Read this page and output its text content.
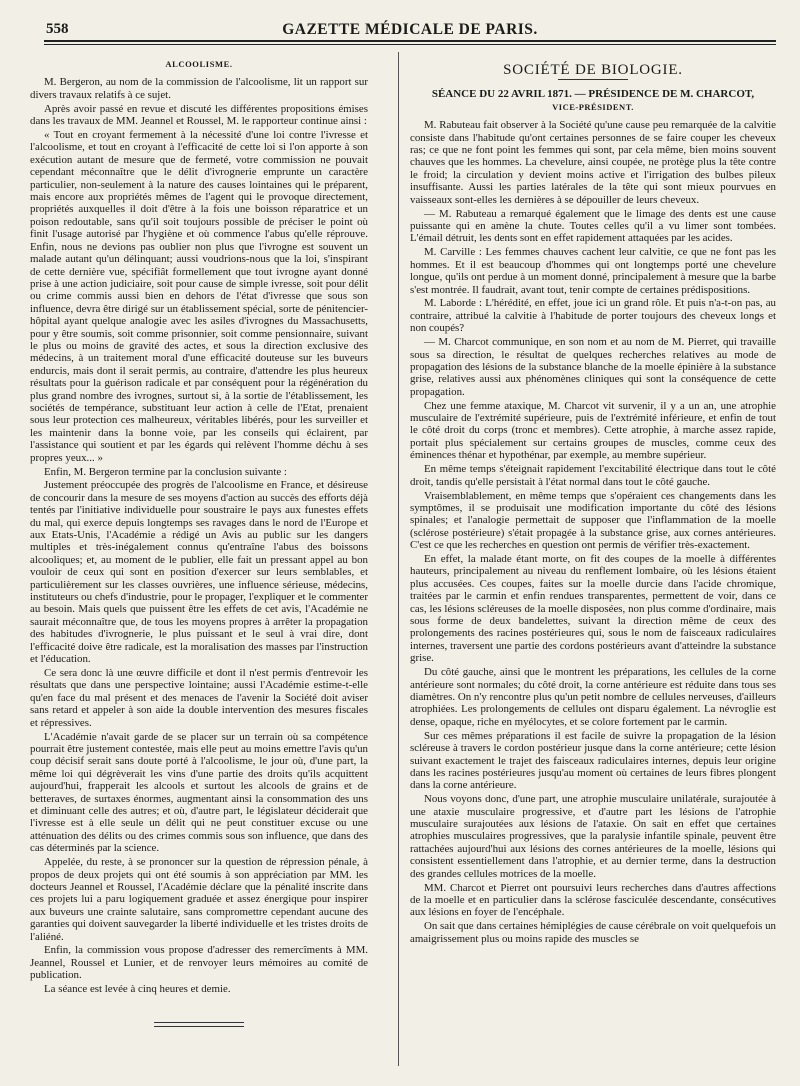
558	GAZETTE MÉDICALE DE PARIS.
ALCOOLISME.

M. Bergeron, au nom de la commission de l'alcoolisme, lit un rapport sur divers travaux relatifs à ce sujet.

Après avoir passé en revue et discuté les différentes propositions émises dans les travaux de MM. Jeannel et Roussel, M. le rapporteur continue ainsi :

« Tout en croyant fermement à la nécessité d'une loi contre l'ivresse et l'alcoolisme, et tout en croyant à l'efficacité de cette loi si l'on apporte à son exécution autant de mesure que de fermeté, votre commission ne pouvait cependant méconnaître que le délit d'ivrognerie emprunte un caractère particulier, non-seulement à la nature des causes lointaines qui le préparent, mais encore aux propriétés mêmes de l'agent qui le provoque directement, propriétés auxquelles il doit d'être à la fois une boisson réparatrice et un poison redoutable, sans qu'il soit toujours possible de préciser le point où finit l'usage autorisé par l'hygiène et où commence l'abus qu'elle réprouve. Enfin, nous ne devions pas oublier non plus que l'ivrogne est souvent un malade autant qu'un délinquant; aussi voudrions-nous que la loi, s'inspirant de cette dernière vue, spécifiât formellement que tout ivrogne ayant donné prise à une action judiciaire, soit pour cause de simple ivresse, soit pour délit ou crime commis aussi bien en dehors de l'état d'ivresse que sous son influence, devra être dirigé sur un établissement spécial, sorte de pénitencier-hôpital ayant quelque analogie avec les asiles d'ivrognes du Massachusetts, pour y être soumis, soit comme prisonnier, soit comme pensionnaire, suivant le plus ou moins de gravité des actes, et sous la direction exclusive des médecins, à un traitement moral d'une efficacité douteuse sur les buveurs endurcis, mais dont il serait permis, au contraire, d'attendre les plus heureux résultats pour la guérison radicale et par conséquent pour la régénération du plus grand nombre des ivrognes, surtout si, à la sortie de l'établissement, les sociétés de tempérance, substituant leur action à celle de l'Etat, prenaient sous leur protection ces malheureux, véritables libérés, pour les surveiller et les maintenir dans la bonne voie, par les conseils qui éclairent, par l'assistance qui soutient et par les égards qui relèvent l'homme déchu à ses propres yeux... »

Enfin, M. Bergeron termine par la conclusion suivante :

Justement préoccupée des progrès de l'alcoolisme en France, et désireuse de concourir dans la mesure de ses moyens d'action au succès des efforts déjà tentés par l'initiative individuelle pour soustraire le pays aux funestes effets du mal, qui exerce depuis longtemps ses ravages dans le nord de l'Europe et aux Etats-Unis, l'Académie a rédigé un Avis au public sur les dangers multiples et très-inégalement connus qu'entraîne l'abus des boissons alcooliques; et, au moment de le publier, elle fait un pressant appel au bon vouloir de ceux qui sont en position d'exercer sur leurs semblables, et particulièrement sur les classes ouvrières, une influence sérieuse, médecins, instituteurs ou chefs d'industrie, pour le propager, l'expliquer et le commenter au besoin. Mais quels que puissent être les effets de cet avis, l'Académie ne saurait méconnaître que, de tous les moyens propres à arrêter la propagation des habitudes d'ivrognerie, le plus puissant et le seul à vrai dire, dont l'efficacité doive être radicale, est la moralisation des masses par l'instruction et l'éducation.

Ce sera donc là une œuvre difficile et dont il n'est permis d'entrevoir les résultats que dans une perspective lointaine; aussi l'Académie estime-t-elle qu'en face du mal présent et des menaces de l'avenir la Société doit aviser sans retard et appeler à son aide la double intervention des mesures fiscales et répressives.

L'Académie n'avait garde de se placer sur un terrain où sa compétence pourrait être justement contestée, mais elle peut au moins emettre l'avis qu'un coup décisif serait sans doute porté à l'alcoolisme, le jour où, d'une part, la même loi qui dégrèverait les vins d'une partie des droits qu'ils acquittent aujourd'hui, frapperait les alcools et surtout les alcools de grains et de betteraves, de surtaxes énormes, augmentant ainsi la consommation des uns et diminuant celle des autres; et où, d'autre part, le législateur déciderait que l'ivresse est à elle seule un délit qui ne peut constituer excuse ou une atténuation des délits ou des crimes commis sous son influence, que dans des cas déterminés par la science.

Appelée, du reste, à se prononcer sur la question de répression pénale, à propos de deux projets qui ont été soumis à son appréciation par MM. les docteurs Jeannel et Roussel, l'Académie déclare que la pénalité inscrite dans ces projets lui a paru logiquement graduée et assez énergique pour inspirer aux buveurs une crainte salutaire, sans compromettre cependant aucune des garanties qui doivent sauvegarder la liberté individuelle et les tristes droits de l'aliéné.

Enfin, la commission vous propose d'adresser des remercîments à MM. Jeannel, Roussel et Lunier, et de renvoyer leurs mémoires au comité de publication.

La séance est levée à cinq heures et demie.

SOCIÉTÉ DE BIOLOGIE.
SÉANCE DU 22 AVRIL 1871. — PRÉSIDENCE DE M. CHARCOT,
VICE-PRÉSIDENT.

M. Rabuteau fait observer à la Société qu'une cause peu remarquée de la calvitie consiste dans l'habitude qu'ont certaines personnes de se faire couper les cheveux ras; ce que ne font point les femmes qui sont, par cela même, bien moins souvent chauves que les hommes. La chevelure, ainsi coupée, ne protège plus la tête contre le froid; la circulation y devient moins active et l'irrigation des bulbes pileux insuffisante. Aussi les parties latérales de la tête qui sont mieux pourvues en vaisseaux sont-elles les dernières à se dépouiller de leurs cheveux.

— M. Rabuteau a remarqué également que le limage des dents est une cause puissante qui en amène la chute. Toutes celles qu'il a vu limer sont tombées. L'émail détruit, les dents sont en effet rapidement attaquées par les acides.

M. Carville : Les femmes chauves cachent leur calvitie, ce que ne font pas les hommes. Et il est beaucoup d'hommes qui ont longtemps porté une chevelure longue, qu'ils ont perdue à un moment donné, principalement à mesure que la barbe s'est montrée. Il faudrait, avant tout, tenir compte de certaines prédispositions.

M. Laborde : L'hérédité, en effet, joue ici un grand rôle. Et puis n'a-t-on pas, au contraire, attribué la calvitie à l'habitude de porter toujours des cheveux longs et non coupés?

— M. Charcot communique, en son nom et au nom de M. Pierret, qui travaille sous sa direction, le résultat de quelques recherches relatives au mode de propagation des lésions de la substance blanche de la moelle épinière à la substance grise, relatives aussi aux phénomènes cliniques qui sont la conséquence de cette propagation.

Chez une femme ataxique, M. Charcot vit survenir, il y a un an, une atrophie musculaire de l'extrémité supérieure, puis de l'extrémité inférieure, et enfin de tout le côté droit du corps (tronc et membres). Cette atrophie, à marche assez rapide, portait plus spécialement sur certains groupes de muscles, comme ceux des éminences thénar et hypothénar, par exemple, au membre supérieur.

En même temps s'éteignait rapidement l'excitabilité électrique dans tout le côté droit, tandis qu'elle persistait à l'état normal dans tout le côté gauche.

Vraisemblablement, en même temps que s'opéraient ces changements dans les symptômes, il se produisait une modification importante du côté des lésions spinales; et l'analogie permettait de supposer que l'inflammation de la moelle (sclérose postérieure) s'était propagée à la substance grise, aux cornes antérieures. C'est ce que les recherches en question ont permis de vérifier très-exactement.

En effet, la malade étant morte, on fit des coupes de la moelle à différentes hauteurs, principalement au niveau du renflement lombaire, où les lésions étaient plus accusées. Ces coupes, faites sur la moelle durcie dans l'acide chromique, traitées par le carmin et enfin rendues transparentes, permettent de voir, dans ce cas, les lésions scléreuses de la moelle disposées, non plus comme d'ordinaire, mais sous forme de deux bandelettes, suivant la direction même de ceux des prolongements des racines postérieures qui, sous le nom de faisceaux radiculaires internes, traversent une partie des cordons postérieurs avant d'atteindre la substance grise.

Du côté gauche, ainsi que le montrent les préparations, les cellules de la corne antérieure sont normales; du côté droit, la corne antérieure est réduite dans tous ses diamètres. On n'y rencontre plus qu'un petit nombre de cellules nerveuses, d'ailleurs atrophiées. Les prolongements de cellules ont disparu également. La névroglie est dense, opaque, riche en myélocytes, et se colore fortement par le carmin.

Sur ces mêmes préparations il est facile de suivre la propagation de la lésion scléreuse à travers le cordon postérieur jusque dans la corne antérieure; cette lésion suivant exactement le trajet des faisceaux radiculaires internes, depuis leur origine dans les racines postérieures jusqu'au moment où certaines de leurs fibres plongent dans la corne antérieure.

Nous voyons donc, d'une part, une atrophie musculaire unilatérale, surajoutée à une ataxie musculaire progressive, et d'autre part les lésions de l'atrophie musculaire surajoutées aux lésions de l'ataxie. On sait en effet que certaines atrophies musculaires progressives, que la paralysie infantile spinale, peuvent être rattachées aujourd'hui aux lésions des cornes antérieures de la moelle, lésions qui consistent essentiellement dans l'atrophie, et au dernier terme, dans la destruction des grandes cellules motrices de la moelle.

MM. Charcot et Pierret ont poursuivi leurs recherches dans d'autres affections de la moelle et en particulier dans la sclérose fasciculée descendante, consécutives aux lésions en foyer de l'encéphale.

On sait que dans certaines hémiplégies de cause cérébrale on voit quelquefois un amaigrissement plus ou moins rapide des muscles se
